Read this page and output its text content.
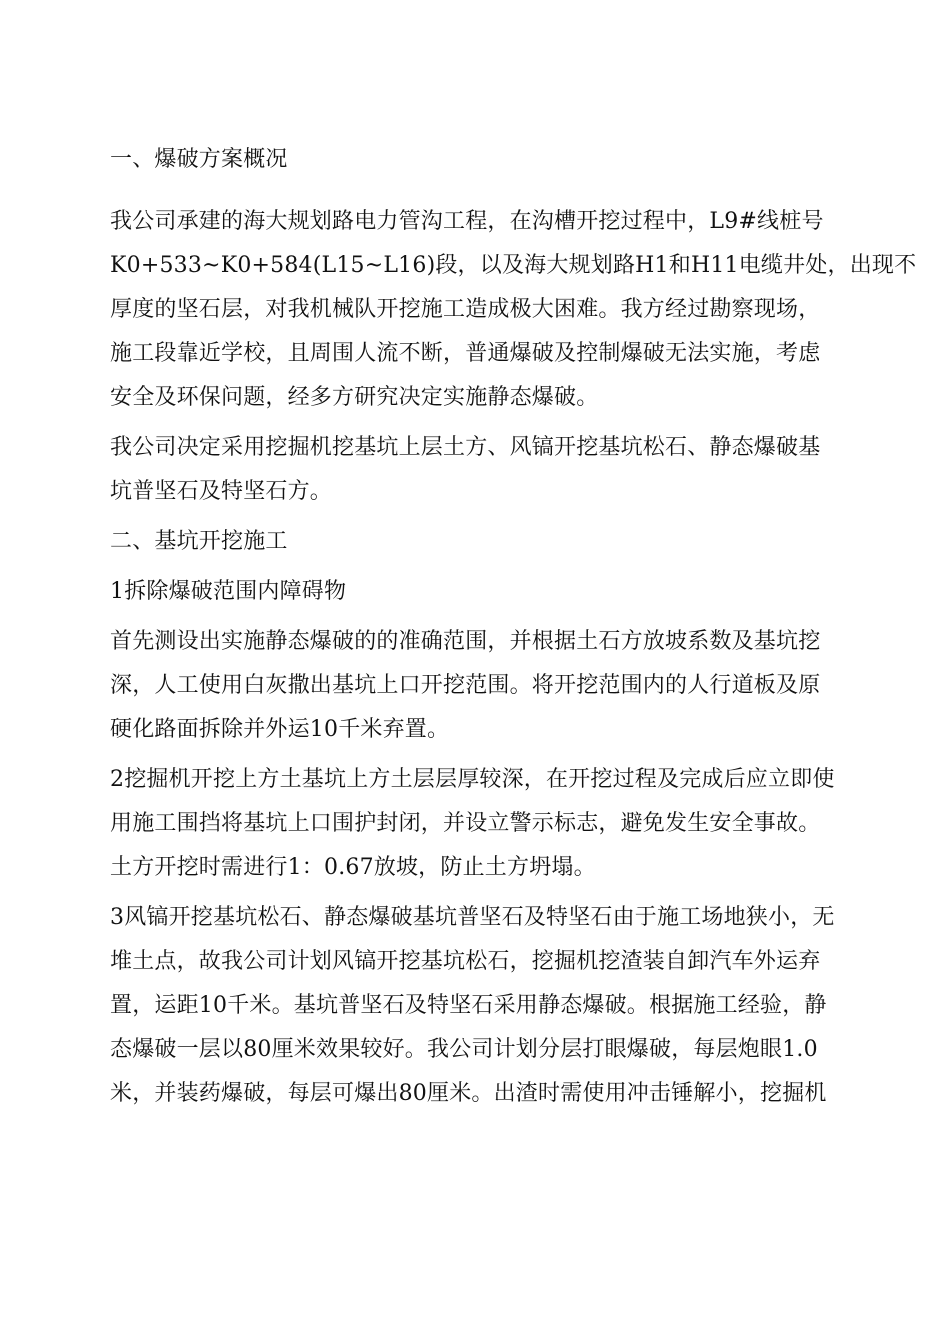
一、爆破方案概况
我公司承建的海大规划路电力管沟工程，在沟槽开挖过程中，L9#线桩号
K0+533~K0+584(L15~L16)段，以及海大规划路H1和H11电缆井处，出现不
厚度的坚石层，对我机械队开挖施工造成极大困难。我方经过勘察现场，
施工段靠近学校，且周围人流不断，普通爆破及控制爆破无法实施，考虑
安全及环保问题，经多方研究决定实施静态爆破。
我公司决定采用挖掘机挖基坑上层土方、风镐开挖基坑松石、静态爆破基
坑普坚石及特坚石方。
二、基坑开挖施工
1拆除爆破范围内障碍物
首先测设出实施静态爆破的的准确范围，并根据土石方放坡系数及基坑挖
深，人工使用白灰撒出基坑上口开挖范围。将开挖范围内的人行道板及原
硬化路面拆除并外运10千米弃置。
2挖掘机开挖上方土基坑上方土层层厚较深，在开挖过程及完成后应立即使
用施工围挡将基坑上口围护封闭，并设立警示标志，避免发生安全事故。
土方开挖时需进行1：0.67放坡，防止土方坍塌。
3风镐开挖基坑松石、静态爆破基坑普坚石及特坚石由于施工场地狭小，无
堆土点，故我公司计划风镐开挖基坑松石，挖掘机挖渣装自卸汽车外运弃
置，运距10千米。基坑普坚石及特坚石采用静态爆破。根据施工经验，静
态爆破一层以80厘米效果较好。我公司计划分层打眼爆破，每层炮眼1.0
米，并装药爆破，每层可爆出80厘米。出渣时需使用冲击锤解小，挖掘机
